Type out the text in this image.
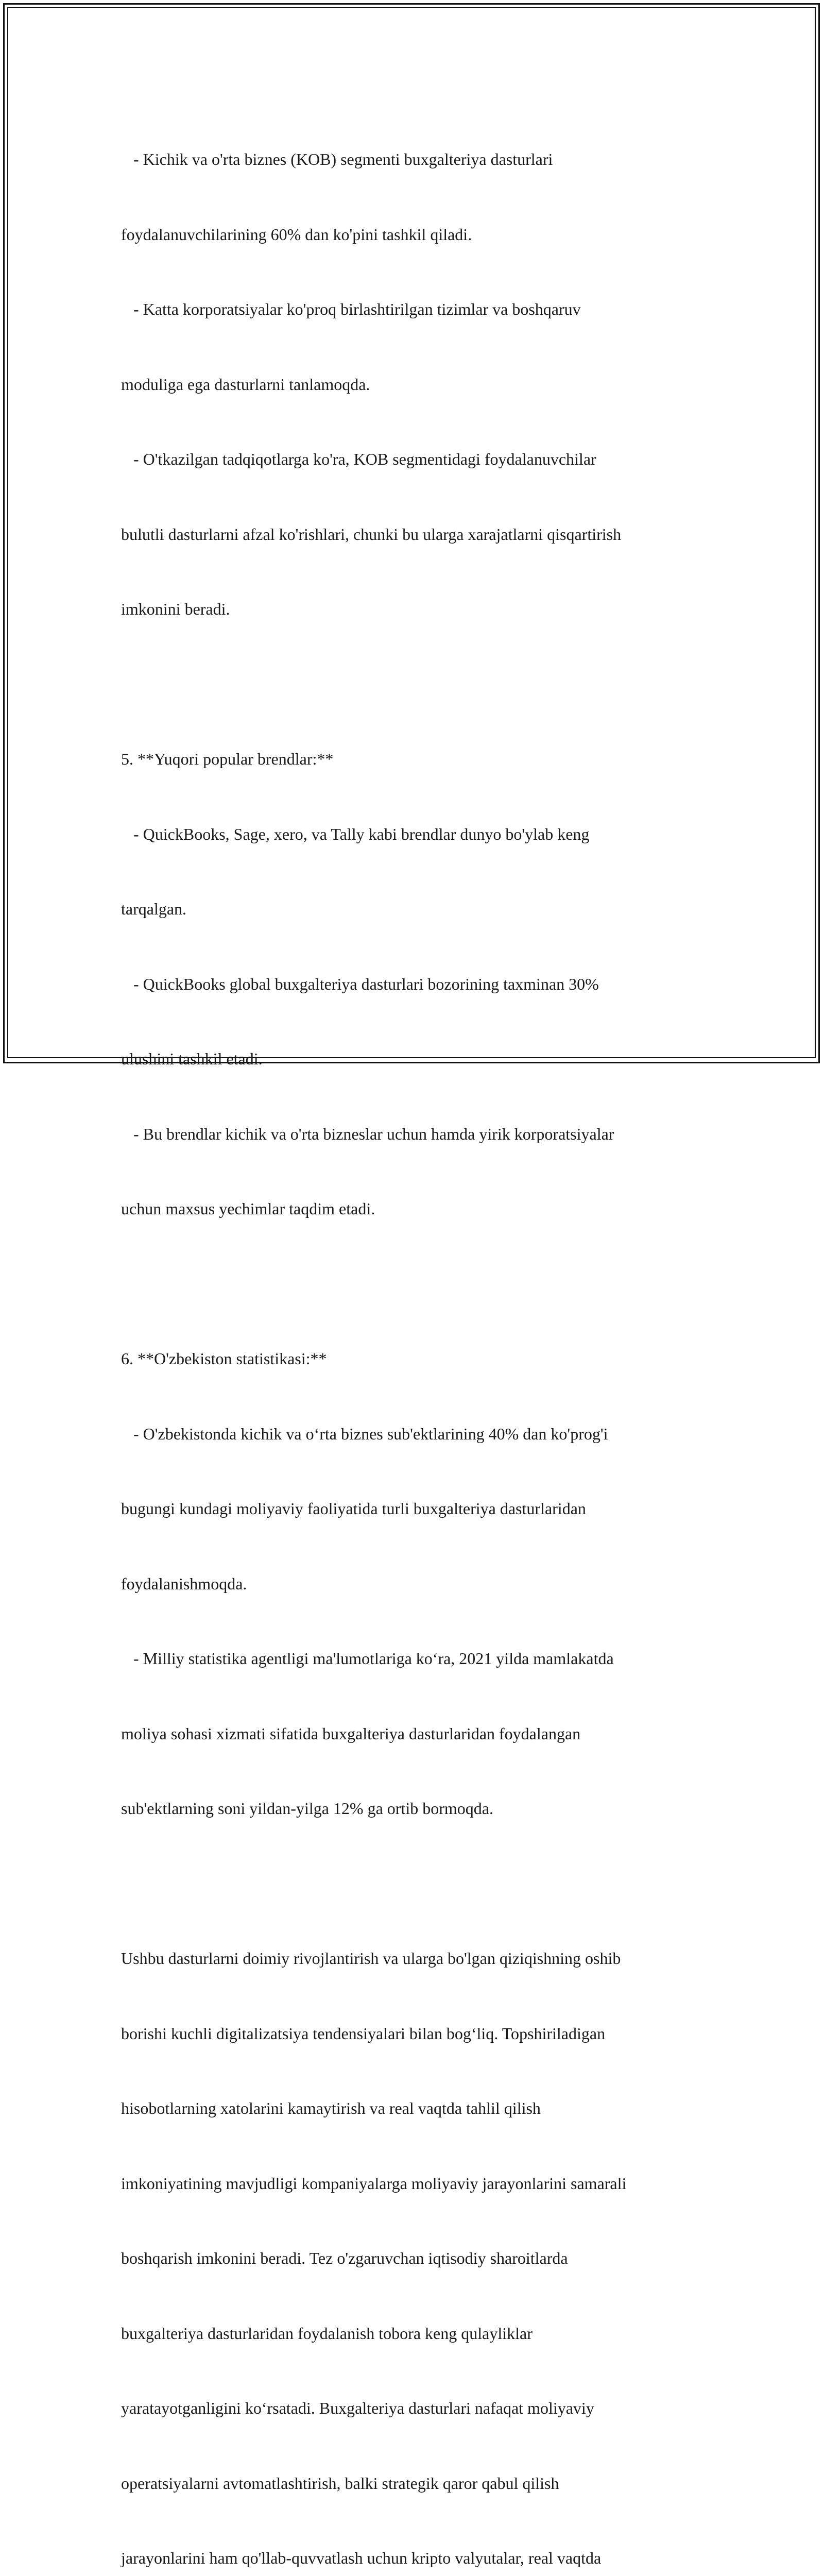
- Kichik va o'rta biznes (KOB) segmenti buxgalteriya dasturlari

foydalanuvchilarining 60% dan ko'pini tashkil qiladi.

- Katta korporatsiyalar ko'proq birlashtirilgan tizimlar va boshqaruv

moduliga ega dasturlarni tanlamoqda.

- O'tkazilgan tadqiqotlarga ko'ra, KOB segmentidagi foydalanuvchilar

bulutli dasturlarni afzal ko'rishlari, chunki bu ularga xarajatlarni qisqartirish

imkonini beradi.

5. **Yuqori popular brendlar:**

- QuickBooks, Sage, xero, va Tally kabi brendlar dunyo bo'ylab keng

tarqalgan.

- QuickBooks global buxgalteriya dasturlari bozorining taxminan 30%

ulushini tashkil etadi.

- Bu brendlar kichik va o'rta bizneslar uchun hamda yirik korporatsiyalar

uchun maxsus yechimlar taqdim etadi.

6. **O'zbekiston statistikasi:**

- O'zbekistonda kichik va o‘rta biznes sub'ektlarining 40% dan ko'prog'i

bugungi kundagi moliyaviy faoliyatida turli buxgalteriya dasturlaridan

foydalanishmoqda.

- Milliy statistika agentligi ma'lumotlariga ko‘ra, 2021 yilda mamlakatda

moliya sohasi xizmati sifatida buxgalteriya dasturlaridan foydalangan

sub'ektlarning soni yildan-yilga 12% ga ortib bormoqda.

Ushbu dasturlarni doimiy rivojlantirish va ularga bo'lgan qiziqishning oshib

borishi kuchli digitalizatsiya tendensiyalari bilan bog‘liq. Topshiriladigan

hisobotlarning xatolarini kamaytirish va real vaqtda tahlil qilish

imkoniyatining mavjudligi kompaniyalarga moliyaviy jarayonlarini samarali

boshqarish imkonini beradi. Tez o'zgaruvchan iqtisodiy sharoitlarda

buxgalteriya dasturlaridan foydalanish tobora keng qulayliklar

yaratayotganligini ko‘rsatadi. Buxgalteriya dasturlari nafaqat moliyaviy

operatsiyalarni avtomatlashtirish, balki strategik qaror qabul qilish

jarayonlarini ham qo'llab-quvvatlash uchun kripto valyutalar, real vaqtda
